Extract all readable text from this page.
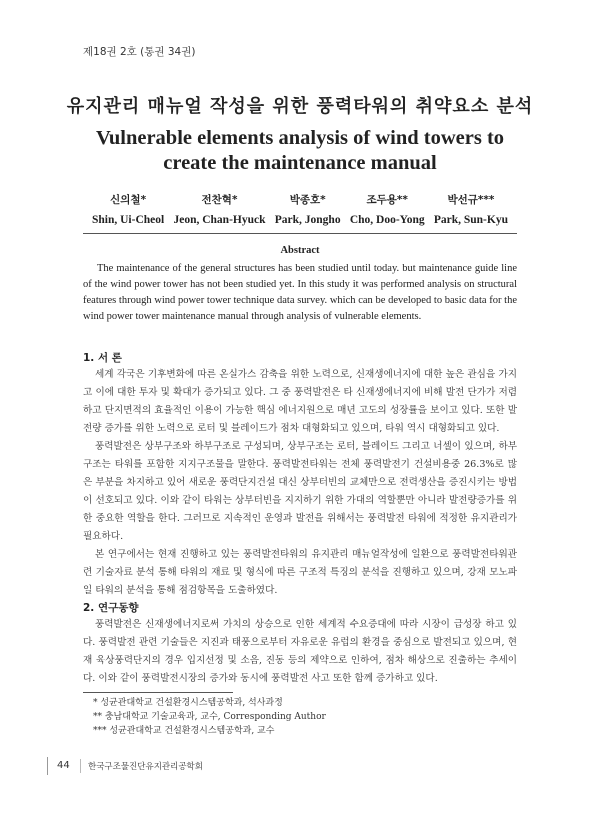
제18권 2호 (통권 34권)
유지관리 매뉴얼 작성을 위한 풍력타워의 취약요소 분석
Vulnerable elements analysis of wind towers to create the maintenance manual
신의철*
Shin, Ui-Cheol
전찬혁*
Jeon, Chan-Hyuck
박종호*
Park, Jongho
조두용**
Cho, Doo-Yong
박선규***
Park, Sun-Kyu
Abstract
The maintenance of the general structures has been studied until today. but maintenance guide line of the wind power tower has not been studied yet. In this study it was performed analysis on structural features through wind power tower technique data survey. which can be developed to basic data for the wind power tower maintenance manual through analysis of vulnerable elements.
1. 서 론

세계 각국은 기후변화에 따른 온실가스 감축을 위한 노력으로, 신재생에너지에 대한 높은 관심을 가지고 이에 대한 투자 및 확대가 증가되고 있다. 그 중 풍력발전은 타 신재생에너지에 비해 발전 단가가 저렴하고 단지면적의 효율적인 이용이 가능한 핵심 에너지원으로 매년 고도의 성장률을 보이고 있다. 또한 발전량 증가를 위한 노력으로 로터 및 블레이드가 점차 대형화되고 있으며, 타워 역시 대형화되고 있다.

풍력발전은 상부구조와 하부구조로 구성되며, 상부구조는 로터, 블레이드 그리고 너셀이 있으며, 하부구조는 타워를 포함한 지지구조물을 말한다. 풍력발전타워는 전체 풍력발전기 건설비용중 26.3%로 많은 부분을 차지하고 있어 새로운 풍력단지건설 대신 상부터빈의 교체만으로 전력생산을 증진시키는 방법이 선호되고 있다. 이와 같이 타워는 상부터빈을 지지하기 위한 가대의 역할뿐만 아니라 발전량증가를 위한 중요한 역할을 한다. 그러므로 지속적인 운영과 발전을 위해서는 풍력발전 타워에 적정한 유지관리가 필요하다.

본 연구에서는 현재 진행하고 있는 풍력발전타워의 유지관리 매뉴얼작성에 일환으로 풍력발전타워관련 기술자료 분석 통해 타워의 재료 및 형식에 따른 구조적 특징의 분석을 진행하고 있으며, 강재 모노파일 타워의 분석을 통해 점검항목을 도출하였다.

2. 연구동향

풍력발전은 신재생에너지로써 가치의 상승으로 인한 세계적 수요증대에 따라 시장이 급성장 하고 있다. 풍력발전 관련 기술들은 지진과 태풍으로부터 자유로운 유럽의 환경을 중심으로 발전되고 있으며, 현재 육상풍력단지의 경우 입지선정 및 소음, 진동 등의 제약으로 인하여, 점차 해상으로 진출하는 추세이다. 이와 같이 풍력발전시장의 증가와 동시에 풍력발전 사고 또한 함께 증가하고 있다.

* 성균관대학교 건설환경시스템공학과, 석사과정
** 충남대학교 기술교육과, 교수, Corresponding Author
*** 성균관대학교 건설환경시스템공학과, 교수
44 한국구조물진단유지관리공학회
